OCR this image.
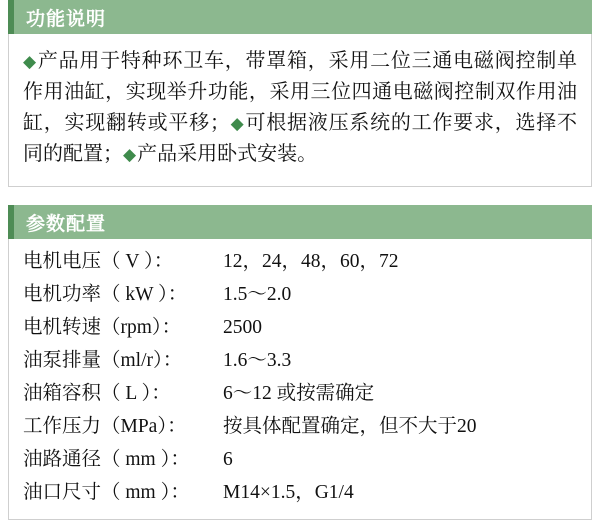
功能说明

◆产品用于特种环卫车，带罩箱，采用二位三通电磁阀控制单作用油缸，实现举升功能，采用三位四通电磁阀控制双作用油缸，实现翻转或平移；◆可根据液压系统的工作要求，选择不同的配置；◆产品采用卧式安装。

参数配置
电机电压（ V ）：	12，24，48，60，72
电机功率（ kW ）：	1.5～2.0
电机转速（rpm）：	2500
油泵排量（ml/r）：	1.6～3.3
油箱容积（ L ）：	6～12 或按需确定
工作压力（MPa）：	按具体配置确定，但不大于20
油路通径（ mm ）：	6
油口尺寸（ mm ）：	M14×1.5，G1/4
